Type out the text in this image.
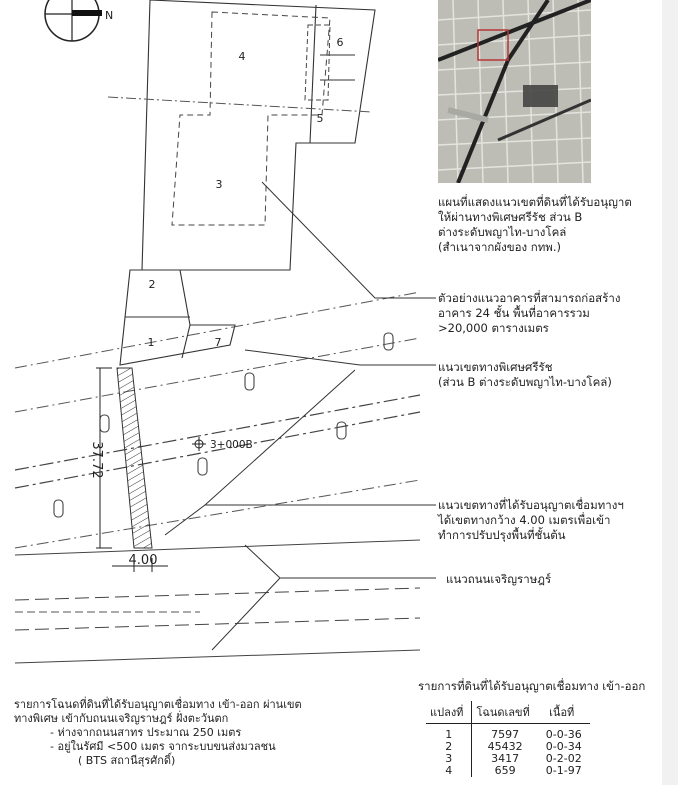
N
37.72
4.00
3+000B
4
6
5
3
2
1	7
แผนที่แสดงแนวเขตที่ดินที่ได้รับอนุญาต
ให้ผ่านทางพิเศษศรีรัช ส่วน B
ต่างระดับพญาไท-บางโคล่
(สำเนาจากผังของ กทพ.)
ตัวอย่างแนวอาคารที่สามารถก่อสร้าง
อาคาร 24 ชั้น พื้นที่อาคารรวม
>20,000 ตารางเมตร
แนวเขตทางพิเศษศรีรัช
(ส่วน B ต่างระดับพญาไท-บางโคล่)
แนวเขตทางที่ได้รับอนุญาตเชื่อมทางฯ
ได้เขตทางกว้าง 4.00 เมตรเพื่อเข้า
ทำการปรับปรุงพื้นที่ชั้นต้น
แนวถนนเจริญราษฎร์
รายการโฉนดที่ดินที่ได้รับอนุญาตเชื่อมทาง เข้า-ออก ผ่านเขต
ทางพิเศษ เข้ากับถนนเจริญราษฎร์ ฝั่งตะวันตก
- ห่างจากถนนสาทร ประมาณ 250 เมตร
- อยู่ในรัศมี <500 เมตร จากระบบขนส่งมวลชน
( BTS สถานีสุรศักดิ์)
รายการที่ดินที่ได้รับอนุญาตเชื่อมทาง เข้า-ออก
แปลงที่	โฉนดเลขที่	เนื้อที่
1	7597	0-0-36
2	45432	0-0-34
3	3417	0-2-02
4	659	0-1-97
